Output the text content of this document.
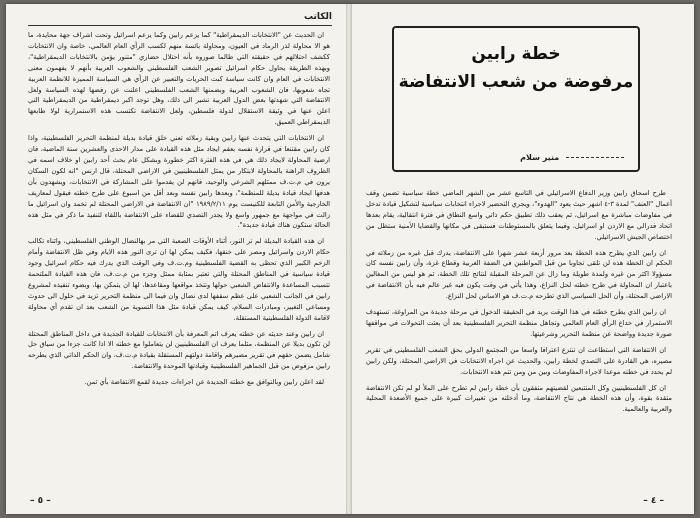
الكاتب

ان الحديث عن "الانتخابات الديمقراطية" كما يزعم رابين وكما يزعم اسرائيل وتحت اشراف جهة محايدة، ما هو الا محاولة لذر الرماد في العيون، ومحاولة بائسة منهم لكسب الرأي العام العالمي، خاصة وان الانتخابات ككشف احتلالهم في حقيقته التي طالما صوروه بأنه احتلال حضاري "متنور يؤمن بالانتخابات الديمقراطية"، وبهذه الطريقة يحاول حكام اسرائيل تصوير الشعب الفلسطيني والشعوب العربية بأنهم لا يفهمون معنى الانتخابات في العام وان كانت سياسة كبت الحريات والتعبير عن الرأي هي السياسة المميزة للانظمة العربية تجاه شعوبها، فان الشعوب العربية وبضمنها الشعب الفلسطيني اعلنت عن رفضها لهذه السياسة ولعل الانتفاضة التي شهدتها بعض الدول العربية تشير الى ذلك، وهل توجد اكبر ديمقراطية من الديمقراطية التي اعلن عنها في وثيقة الاستقلال لدولة فلسطين، ولعل الانتفاضة تكتسب هذه الاستمرارية لولا طابعها الديمقراطي العميق.

ان الانتخابات التي يتحدث عنها رابين وبقية زملائه تعني خلق قيادة بديلة لمنظمة التحرير الفلسطينية، واذا كان رابين مقتنعا في قرارة نفسه بعقم ايجاد مثل هذه القيادة على مدار الاحدى والعشرين سنة الماضية، فان ارضية المحاولة لايجاد ذلك هي في هذه الفترة اكثر خطورة وبشكل عام بحث أحد رابين او خلاف اسمه في الظروف الراهنة بالمحاولة لابتكار من يمثل الفلسطينيين في الاراضي المحتلة، قال ارنس "انه لكون السكان يرون في م.ت.ف ممثلهم الشرعي والوحيد، فانهم لن يقدموا على المشاركة في الانتخابات، ويشهدون بأن هدفها ايجاد قيادة بديلة للمنظمة"، وبعدها رابين نفسه وبعد أقل من اسبوع على طرح خطته فيقول لمعاريف الخارجية والأمن التابعة للكنيست يوم ١٩٨٩/٢/١١ "ان الانتفاضة في الاراضي المحتلة لم تخمد وان اسرائيل ما زالت في مواجهة مع جمهور واسع ولا يجدر التصدي للقضاء على الانتفاضة باللقاء لتنفيذ ما ذكر في مثل هذه الحالة ستكون هناك قيادة جديدة".

ان هذه القيادة البديلة لم تر النور، أثناء الأوقات الصعبة التي مر بهالنضال الوطني الفلسطيني، واثناء تكالب حكام الاردن واسرائيل ومصر على خنقها، فكيف يمكن لها ان ترى النور هذه الايام وفي ظل الانتفاضة وأمام الزخم الكبير الذي تحظى به القضية الفلسطينية وم.ت.ف وفي الوقت الذي يدرك فيه حكام اسرائيل وجود قيادة سياسية في المناطق المحتلة والتي تعتبر بمثابة ممثل وجزء من م.ت.ف، فان هذه القيادة الملتحمة تتسبب المساعدة والانتفاض الشعبي حولها وتتخذ مواقعها ومقاعدها، لها ان يتمكن بها، وبضوء تنفيذه لمشروع رابين في الجانب الشعبي على عظم سقفها لدى نضال وان فيما الى منظمة التحرير تزيد في حلول الى حدوث ومساعي التغيير، ومبادرات السلام، كيف يمكن قيادة مثل هذا التسوية من الشعب بعد ان تقدم أي محاولة لاقامة الدولة الفلسطينية المستقلة.

ان رابين وعند حديثه عن خطته يعرف اتم المعرفة بأن الانتخابات للقيادة الجديدة في داخل المناطق المحتلة لن تكون بديلا عن المنظمة، مثلما يعرف ان الفلسطينيين لن يتعاملوا مع خطته الا اذا كانت جزءا من سياق حل شامل يضمن حقهم في تقرير مصيرهم واقامة دولتهم المستقلة بقيادة م.ت.ف، وان الحكم الذاتي الذي يطرحه رابين مرفوض من قبل الجماهير الفلسطينية وقيادتها الموحدة والانتفاضة.

لقد اعلن رابين وبالتوافق مع خطته الجديدة عن اجراءات جديدة لقمع الانتفاضة بأي ثمن.

– ٥ –
خطة رابين
مرفوضة من شعب الانتفاضة
منير سلام

طرح اسحاق رابين وزير الدفاع الاسرائيلي في التاسع عشر من الشهر الماضي خطة سياسية تضمن وقف أعمال "العنف" لمدة ٣-٤ اشهر حيث يعود "الهدوء"، ويجري التحضير لاجراء انتخابات سياسية لتشكيل قيادة تدخل في مفاوضات مباشرة مع اسرائيل، ثم يعقب ذلك تطبيق حكم ذاتي واسع النطاق في فترة انتقالية، يقام بعدها اتحاد فدرالي مع الاردن او اسرائيل، وفيما يتعلق بالمستوطنات فستبقى في مكانها والقضايا الأمنية ستظل من اختصاص الجيش الاسرائيلي.

ان رابين الذي يطرح هذه الخطة بعد مرور أربعة عشر شهرا على الانتفاضة، يدرك قبل غيره من زملائه في الحكم ان الخطة هذه لن تلقى تجاوبا من قبل المواطنين في الضفة الغربية وقطاع غزة، وأن رابين نفسه كان مسؤولا اكثر من غيره ولمدة طويلة وما زال عن المرحلة المقبلة لنتائج تلك الخطة، ثم هو ليس من المغالين باعتبار ان المحاولة في طرح خطته لحل النزاع، وهذا يأتي في وقت يكون فيه غير عالم فيه بأن الانتفاضة في الاراضي المحتلة، وأن الحل السياسي الذي تطرحه م.ت.ف هو الاساس لحل النزاع.

ان رابين الذي يطرح خطته في هذا الوقت يريد في الحقيقة الدخول في مرحلة جديدة من المراوغة، تستهدف الاستمرار في خداع الرأي العام العالمي وتجاهل منظمة التحرير الفلسطينية بعد أن بعثت التحولات في مواقفها صورة جديدة وواضحة عن منظمة التحرير وشرعيتها.

ان الانتفاضة التي استطاعت ان تنتزع اعترافا واسعا من المجتمع الدولي بحق الشعب الفلسطيني في تقرير مصيره، هي القادرة على التصدي لخطة رابين، والحديث عن اجراء الانتخابات في الاراضي المحتلة، ولكن رابين لم يحدد في خطته موعدا لاجراء المفاوضات وبين من ومن تتم هذه الانتخابات.

ان كل الفلسطينيين وكل المتتبعين لقضيتهم متفقون بأن خطة رابين لم تطرح على الملأ لو لم تكن الانتفاضة متقدة بقوة، وأن هذه الخطة هي نتاج الانتفاضة، وما أدخلته من تغييرات كبيرة على جميع الأصعدة المحلية والعربية والعالمية.

– ٤ –
